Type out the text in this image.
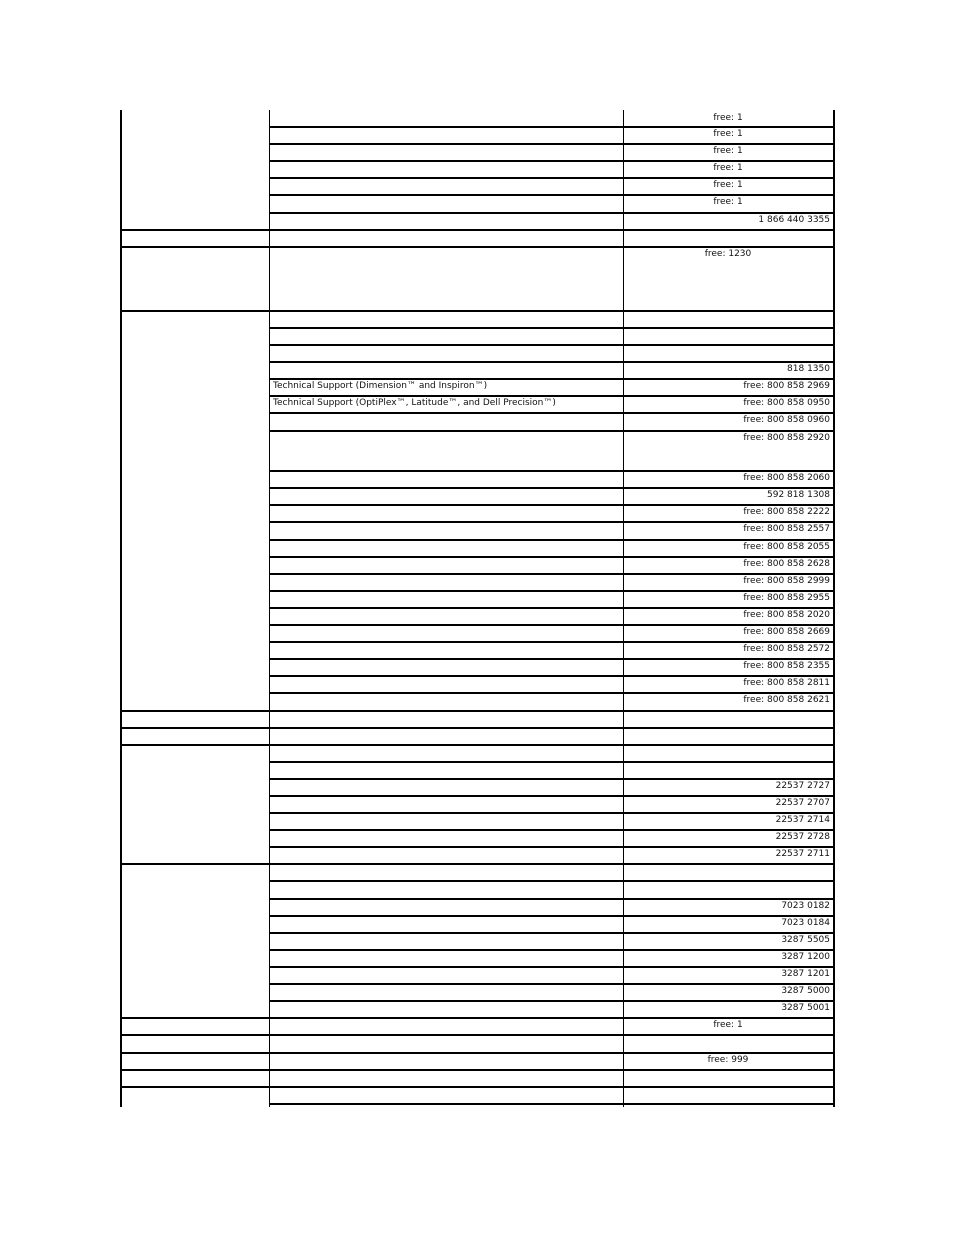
free: 1
free: 1
free: 1
free: 1
free: 1
free: 1
1 866 440 3355
free: 1230
818 1350
Technical Support (Dimension™ and Inspiron™)	free: 800 858 2969
Technical Support (OptiPlex™, Latitude™, and Dell Precision™)	free: 800 858 0950
free: 800 858 0960
free: 800 858 2920
free: 800 858 2060
592 818 1308
free: 800 858 2222
free: 800 858 2557
free: 800 858 2055
free: 800 858 2628
free: 800 858 2999
free: 800 858 2955
free: 800 858 2020
free: 800 858 2669
free: 800 858 2572
free: 800 858 2355
free: 800 858 2811
free: 800 858 2621
22537 2727
22537 2707
22537 2714
22537 2728
22537 2711
7023 0182
7023 0184
3287 5505
3287 1200
3287 1201
3287 5000
3287 5001
free: 1
free: 999
